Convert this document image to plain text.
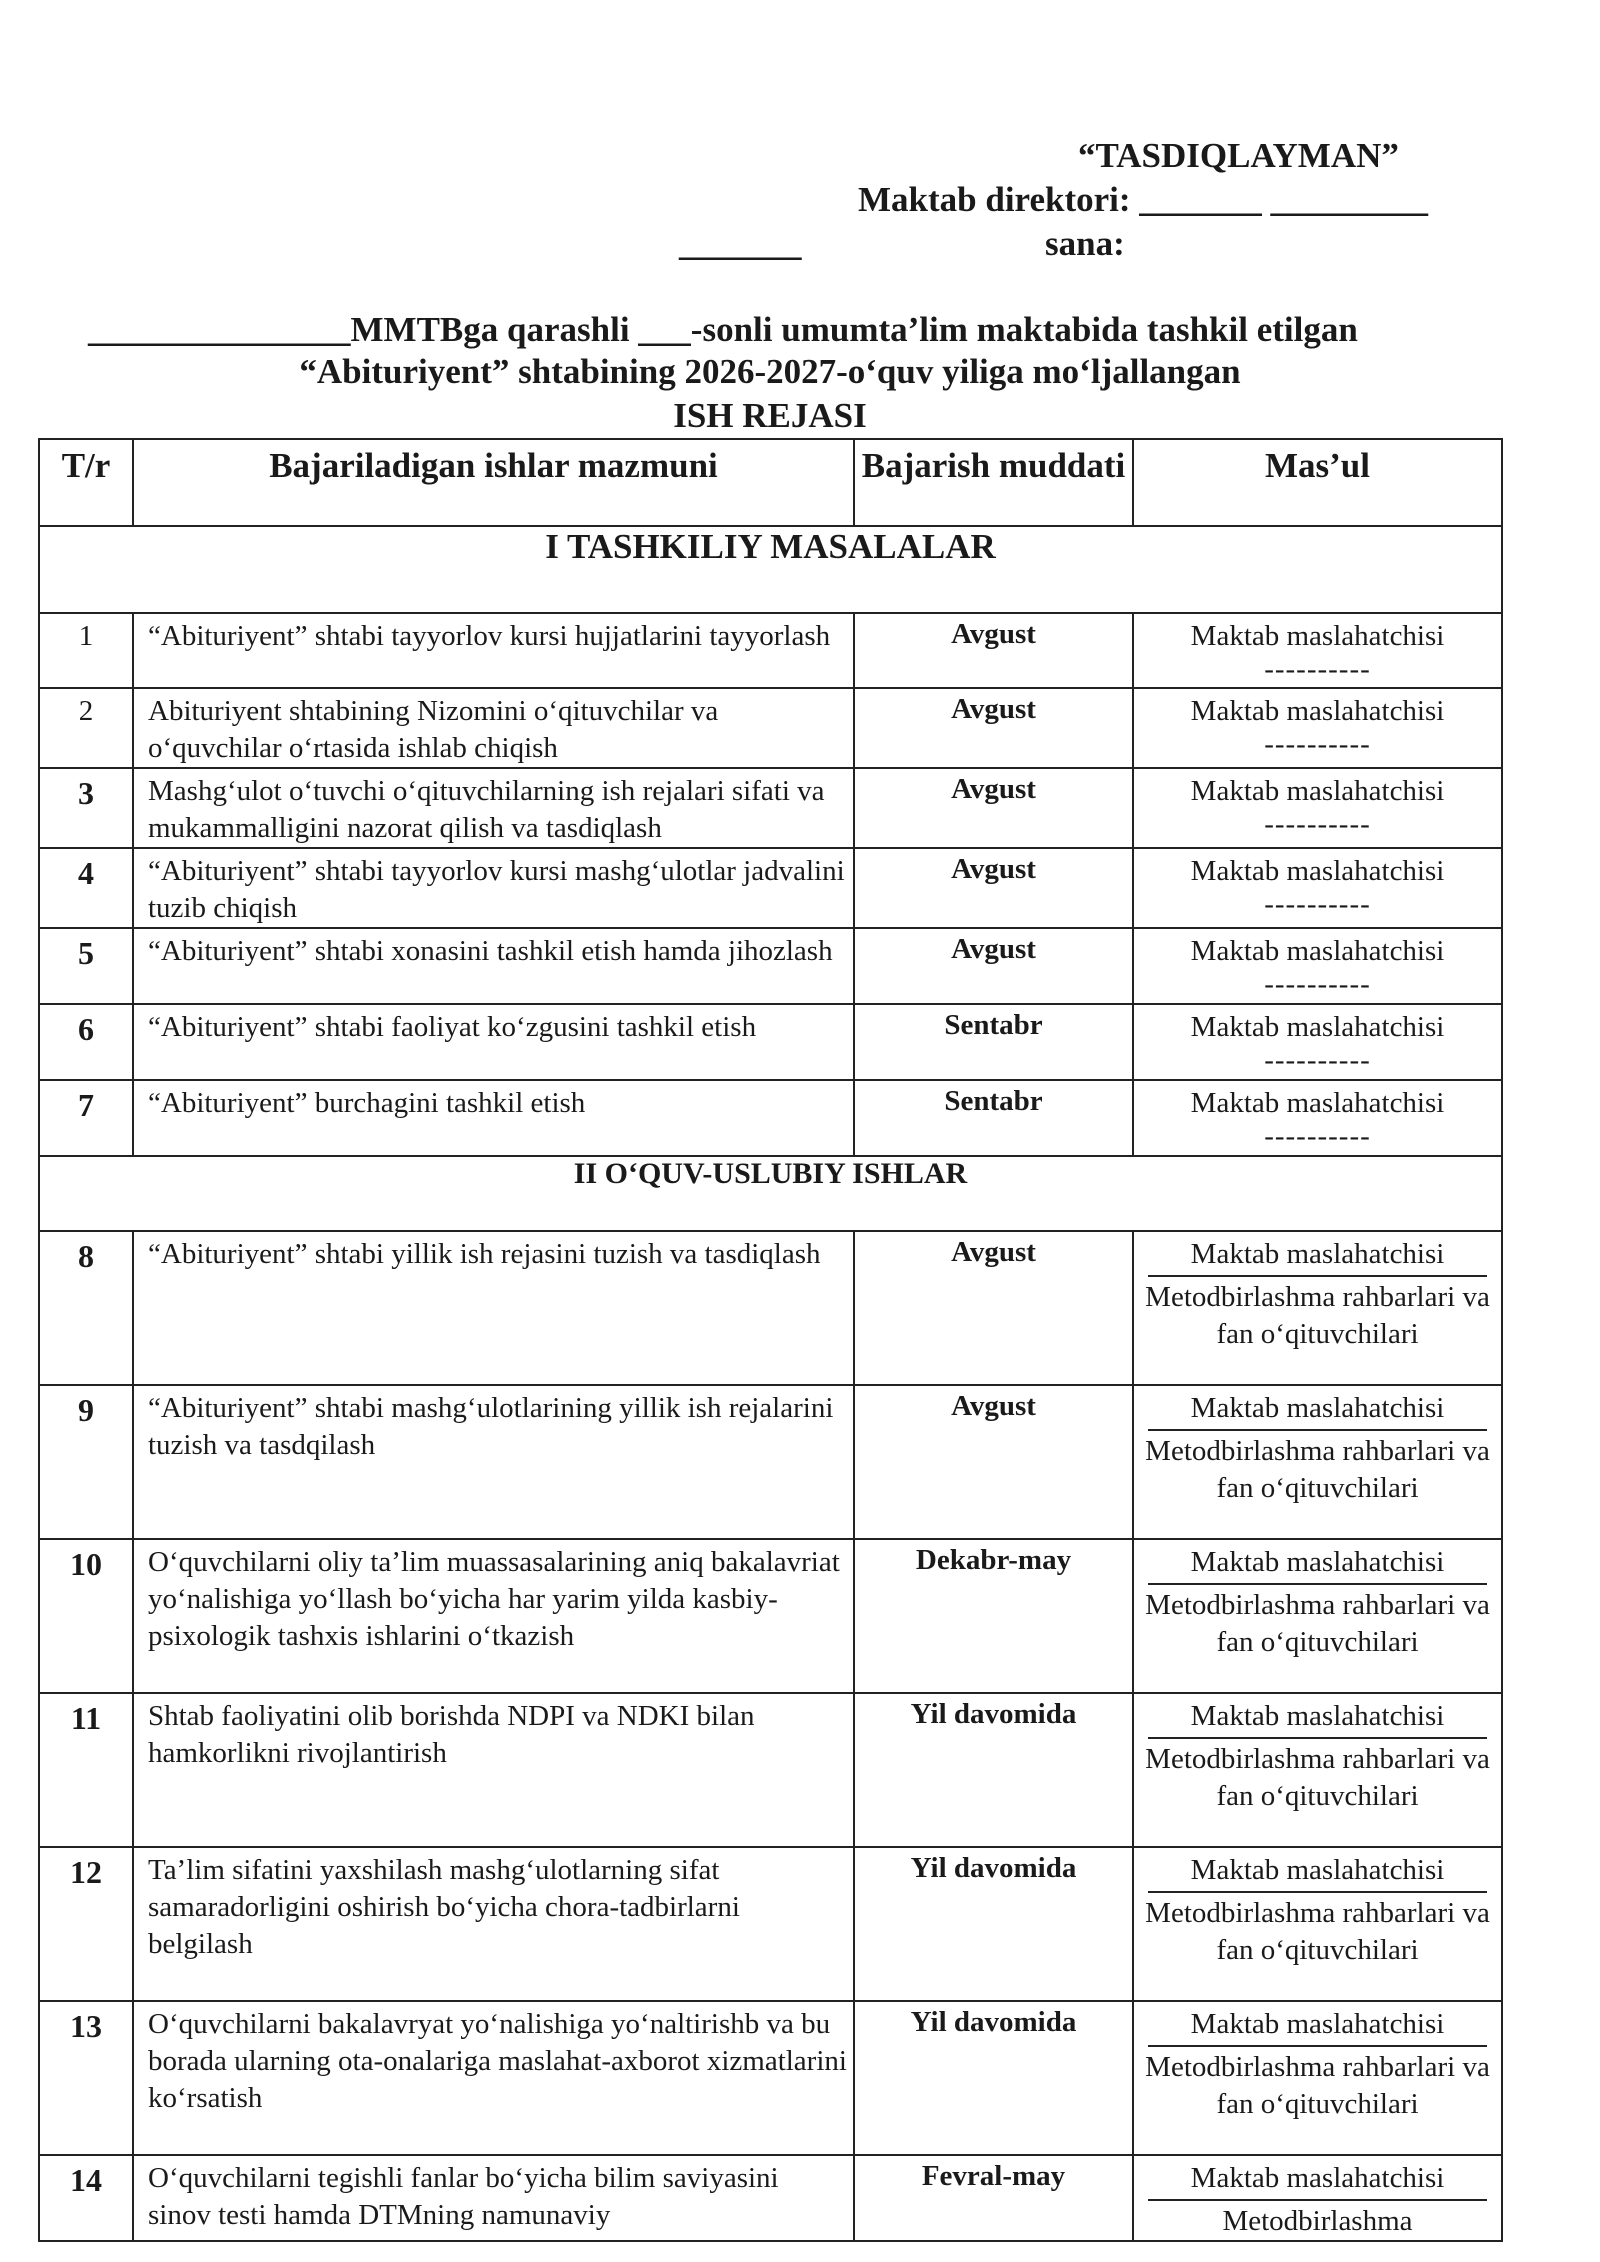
“TASDIQLAYMAN”
Maktab direktori: _______ _________
_______	sana:
_______________MMTBga qarashli ___-sonli umumta’lim maktabida tashkil etilgan
“Abituriyent” shtabining 2026-2027-o‘quv yiliga mo‘ljallangan
ISH REJASI
T/r	Bajariladigan ishlar mazmuni	Bajarish muddati	Mas’ul
I TASHKILIY MASALALAR			
1	“Abituriyent” shtabi tayyorlov kursi hujjatlarini tayyorlash	Avgust	Maktab maslahatchisi
----------

2	Abituriyent shtabining Nizomini o‘qituvchilar va o‘quvchilar o‘rtasida ishlab chiqish	Avgust	Maktab maslahatchisi
----------

3	Mashg‘ulot o‘tuvchi o‘qituvchilarning ish rejalari sifati va mukammalligini nazorat qilish va tasdiqlash	Avgust	Maktab maslahatchisi
----------

4	“Abituriyent” shtabi tayyorlov kursi mashg‘ulotlar jadvalini tuzib chiqish	Avgust	Maktab maslahatchisi
----------

5	“Abituriyent” shtabi xonasini tashkil etish hamda jihozlash	Avgust	Maktab maslahatchisi
----------

6	“Abituriyent” shtabi faoliyat ko‘zgusini tashkil etish	Sentabr	Maktab maslahatchisi
----------

7	“Abituriyent” burchagini tashkil etish	Sentabr	Maktab maslahatchisi
----------

II O‘QUV-USLUBIY ISHLAR			
8	“Abituriyent” shtabi yillik ish rejasini tuzish va tasdiqlash	Avgust	Maktab maslahatchisi
Metodbirlashma rahbarlari va fan o‘qituvchilari

9	“Abituriyent” shtabi mashg‘ulotlarining yillik ish rejalarini tuzish va tasdqilash	Avgust	Maktab maslahatchisi
Metodbirlashma rahbarlari va fan o‘qituvchilari

10	O‘quvchilarni oliy ta’lim muassasalarining aniq bakalavriat yo‘nalishiga yo‘llash bo‘yicha har yarim yilda kasbiy-psixologik tashxis ishlarini o‘tkazish	Dekabr-may	Maktab maslahatchisi
Metodbirlashma rahbarlari va fan o‘qituvchilari

11	Shtab faoliyatini olib borishda NDPI va NDKI bilan hamkorlikni rivojlantirish	Yil davomida	Maktab maslahatchisi
Metodbirlashma rahbarlari va fan o‘qituvchilari

12	Ta’lim sifatini yaxshilash mashg‘ulotlarning sifat samaradorligini oshirish bo‘yicha chora-tadbirlarni belgilash	Yil davomida	Maktab maslahatchisi
Metodbirlashma rahbarlari va fan o‘qituvchilari

13	O‘quvchilarni bakalavryat yo‘nalishiga yo‘naltirishb va bu borada ularning ota-onalariga maslahat-axborot xizmatlarini ko‘rsatish	Yil davomida	Maktab maslahatchisi
Metodbirlashma rahbarlari va fan o‘qituvchilari

14	O‘quvchilarni tegishli fanlar bo‘yicha bilim saviyasini sinov testi hamda DTMning namunaviy	Fevral-may	Maktab maslahatchisi
Metodbirlashma
